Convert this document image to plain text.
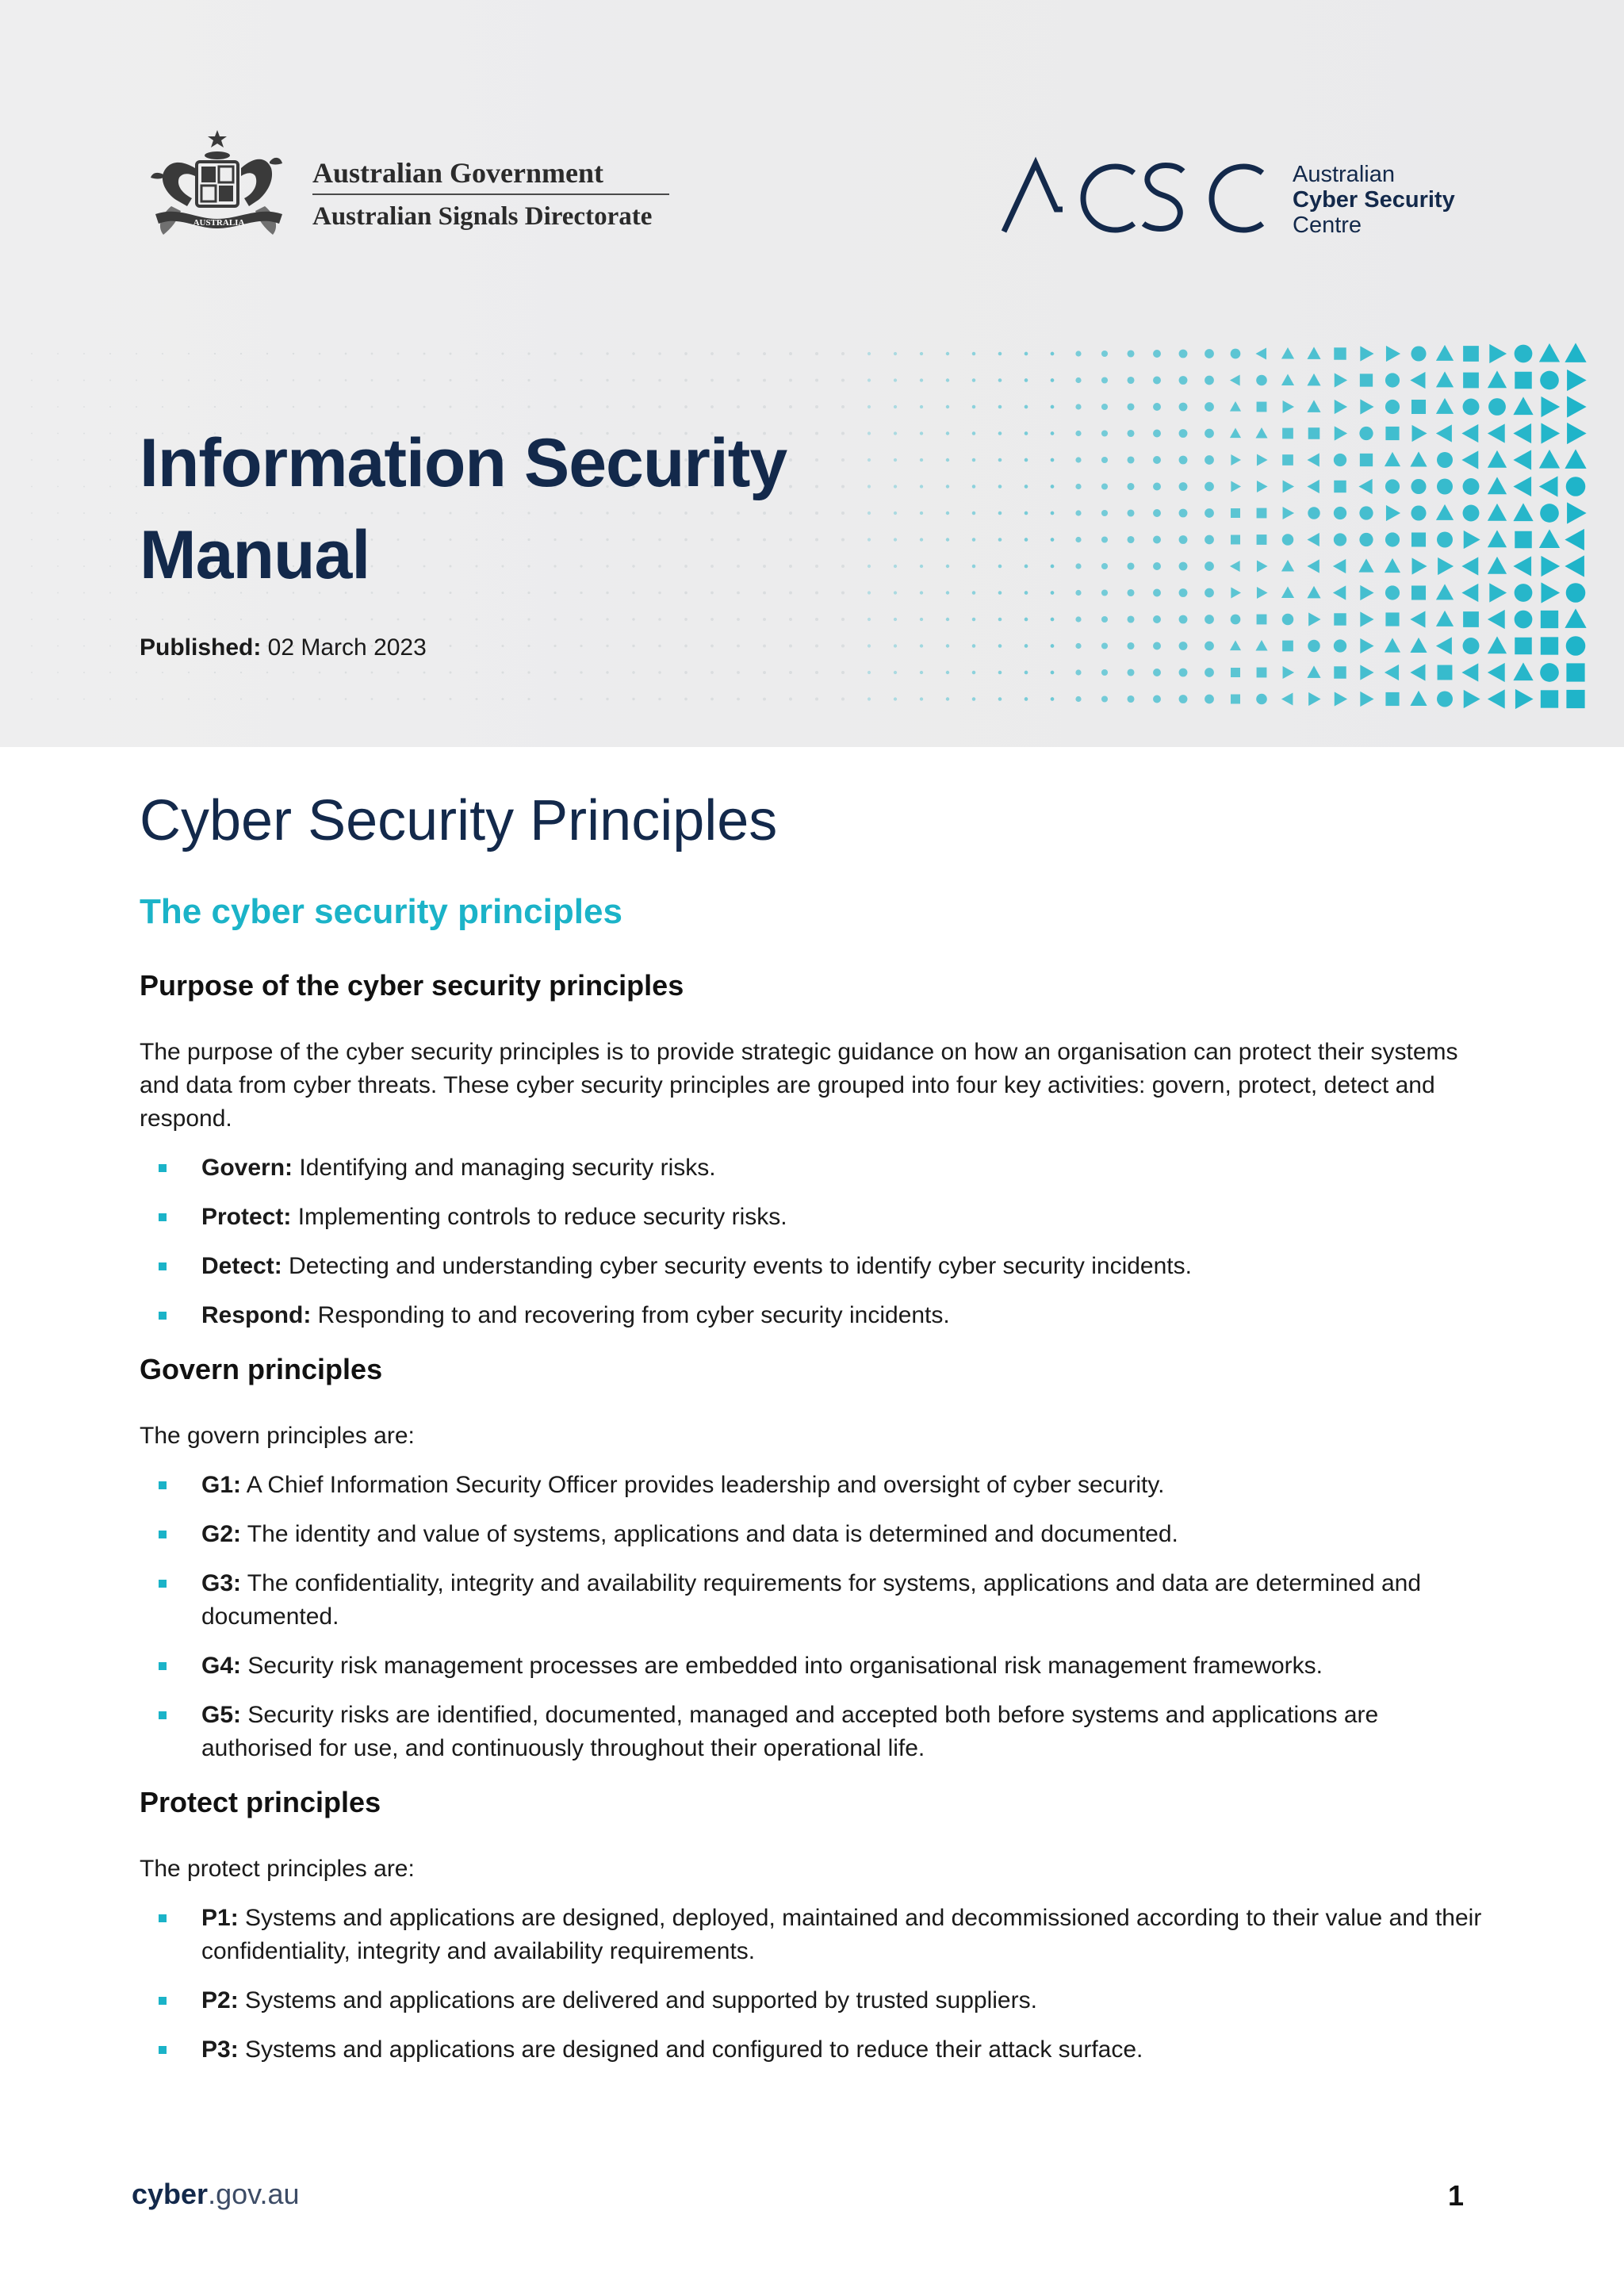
AUSTRALIA
Australian Government
Australian Signals Directorate
Australian
Cyber Security
Centre
Information Security
Manual
Published: 02 March 2023
Cyber Security Principles
The cyber security principles
Purpose of the cyber security principles

The purpose of the cyber security principles is to provide strategic guidance on how an organisation can protect their systems and data from cyber threats. These cyber security principles are grouped into four key activities: govern, protect, detect and respond.

Govern: Identifying and managing security risks.
Protect: Implementing controls to reduce security risks.
Detect: Detecting and understanding cyber security events to identify cyber security incidents.
Respond: Responding to and recovering from cyber security incidents.
Govern principles

The govern principles are:

G1: A Chief Information Security Officer provides leadership and oversight of cyber security.
G2: The identity and value of systems, applications and data is determined and documented.
G3: The confidentiality, integrity and availability requirements for systems, applications and data are determined and documented.
G4: Security risk management processes are embedded into organisational risk management frameworks.
G5: Security risks are identified, documented, managed and accepted both before systems and applications are authorised for use, and continuously throughout their operational life.
Protect principles

The protect principles are:

P1: Systems and applications are designed, deployed, maintained and decommissioned according to their value and their confidentiality, integrity and availability requirements.
P2: Systems and applications are delivered and supported by trusted suppliers.
P3: Systems and applications are designed and configured to reduce their attack surface.
cyber.gov.au	1
